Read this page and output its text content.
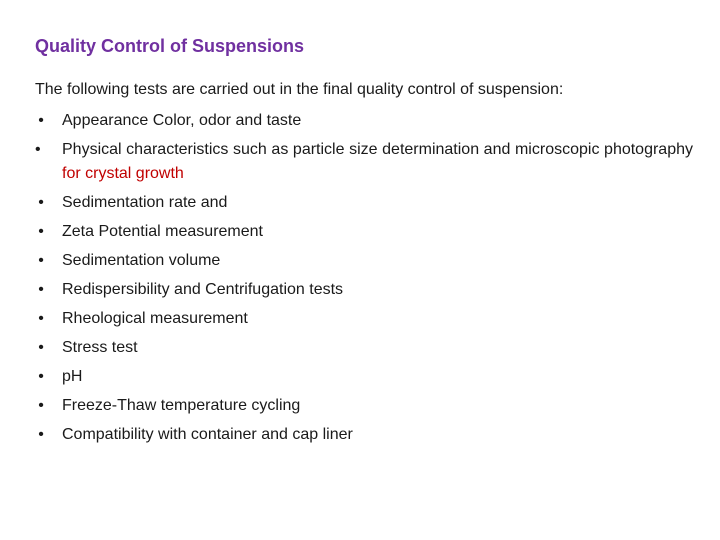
Quality Control of Suspensions
The following tests are carried out in the final quality control of suspension:
• Appearance Color, odor and taste
•	Physical characteristics such as particle size determination and microscopic photography for crystal growth
• Sedimentation rate and
• Zeta Potential measurement
• Sedimentation volume
• Redispersibility and Centrifugation tests
• Rheological measurement
• Stress test
• pH
• Freeze-Thaw temperature cycling
• Compatibility with container and cap liner
